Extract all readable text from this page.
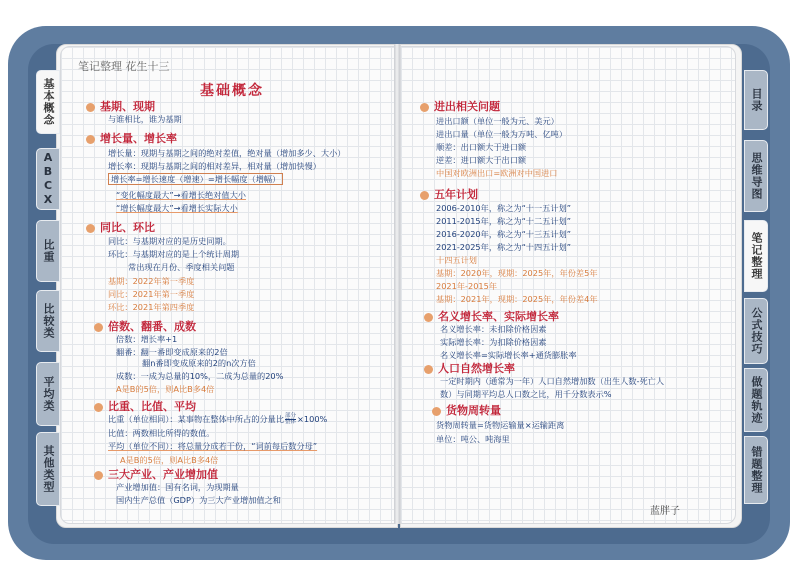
基本概念
ABCX
比重
比较类
平均类
其他类型
目录
思维导图
笔记整理
公式技巧
做题轨迹
错题整理
笔记整理 花生十三
基础概念
基期、现期
与谁相比，谁为基期
增长量、增长率
增长量：现期与基期之间的绝对差值，绝对量（增加多少、大小）
增长率：现期与基期之间的相对差异，相对量（增加快慢）
增长率=增长速度（增速）=增长幅度（增幅）
“变化幅度最大”→看增长绝对值大小
“增长幅度最大”→看增长实际大小
同比、环比
同比：与基期对应的是历史同期。
环比：与基期对应的是上个统计周期
常出现在月份、季度相关问题
基期：2022年第一季度
同比：2021年第一季度
环比：2021年第四季度
倍数、翻番、成数
倍数：增长率+1
翻番：翻一番即变成原来的2倍
翻n番即变成原来的2的n次方倍
成数：一成为总量的10%，二成为总量的20%
A是B的5倍，则A比B多4倍
比重、比值、平均
比重（单位相同）：某事物在整体中所占的分量比 $\frac{\text{部分}}{\text{整体}}\times 100\%$
比值：两数相比所得的数值。
平均（单位不同）：将总量分成若干份，“词前每后数分母”
A是B的5倍，则A比B多4倍
三大产业、产业增加值
产业增加值：国有名词，为现期量
国内生产总值（GDP）为三大产业增加值之和
进出相关问题
进出口额（单位一般为元、美元）
进出口量（单位一般为万吨、亿吨）
顺差：出口额大于进口额
逆差：进口额大于出口额
中国对欧洲出口=欧洲对中国进口
五年计划
2006-2010年，称之为“十一五计划”
2011-2015年，称之为“十二五计划”
2016-2020年，称之为“十三五计划”
2021-2025年，称之为“十四五计划”
十四五计划
基期：2020年，现期：2025年，年份差5年
2021年-2015年
基期：2021年，现期：2025年，年份差4年
名义增长率、实际增长率
名义增长率：未扣除价格因素
实际增长率：为扣除价格因素
名义增长率=实际增长率+通货膨胀率
人口自然增长率
一定时期内（通常为一年）人口自然增加数（出生人数-死亡人
数）与同期平均总人口数之比，用千分数表示%
货物周转量
货物周转量=货物运输量×运输距离
单位：吨公、吨海里
蓝胖子
